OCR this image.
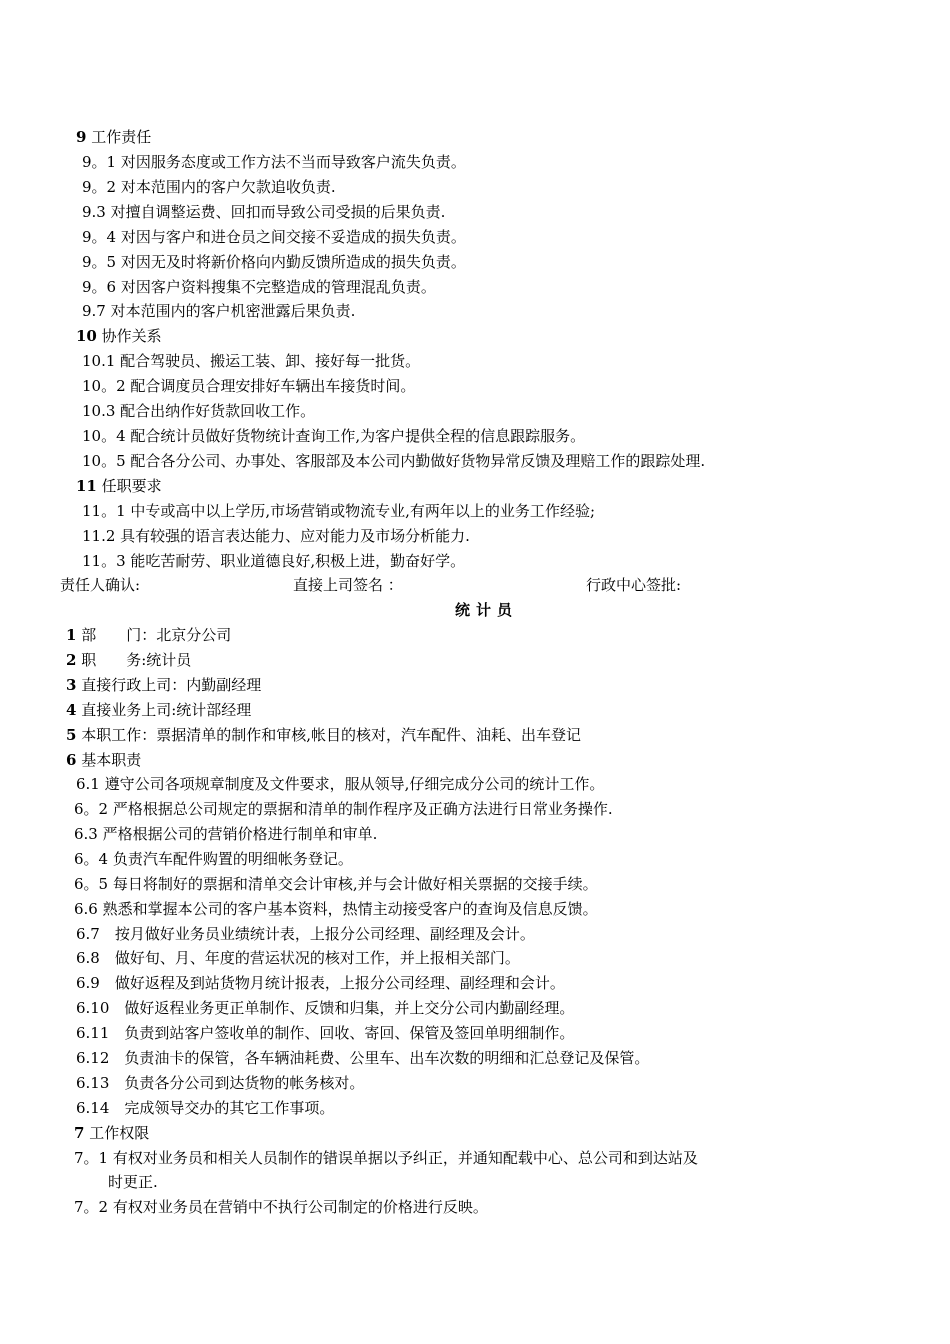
9 工作责任
9。1 对因服务态度或工作方法不当而导致客户流失负责。
9。2 对本范围内的客户欠款追收负责.
9.3 对擅自调整运费、回扣而导致公司受损的后果负责.
9。4 对因与客户和进仓员之间交接不妥造成的损失负责。
9。5 对因无及时将新价格向内勤反馈所造成的损失负责。
9。6 对因客户资料搜集不完整造成的管理混乱负责。
9.7 对本范围内的客户机密泄露后果负责.
10 协作关系
10.1 配合驾驶员、搬运工装、卸、接好每一批货。
10。2 配合调度员合理安排好车辆出车接货时间。
10.3 配合出纳作好货款回收工作。
10。4 配合统计员做好货物统计查询工作,为客户提供全程的信息跟踪服务。
10。5 配合各分公司、办事处、客服部及本公司内勤做好货物异常反馈及理赔工作的跟踪处理.
11 任职要求
11。1 中专或高中以上学历,市场营销或物流专业,有两年以上的业务工作经验;
11.2 具有较强的语言表达能力、应对能力及市场分析能力.
11。3 能吃苦耐劳、职业道德良好,积极上进，勤奋好学。
责任人确认:	直接上司签名 ：	行政中心签批:
统计员
1 部　　门：北京分公司
2 职　　务:统计员
3 直接行政上司：内勤副经理
4 直接业务上司:统计部经理
5 本职工作：票据清单的制作和审核,帐目的核对，汽车配件、油耗、出车登记
6 基本职责
6.1 遵守公司各项规章制度及文件要求，服从领导,仔细完成分公司的统计工作。
6。2 严格根据总公司规定的票据和清单的制作程序及正确方法进行日常业务操作.
6.3 严格根据公司的营销价格进行制单和审单.
6。4 负责汽车配件购置的明细帐务登记。
6。5 每日将制好的票据和清单交会计审核,并与会计做好相关票据的交接手续。
6.6 熟悉和掌握本公司的客户基本资料，热情主动接受客户的查询及信息反馈。
6.7　按月做好业务员业绩统计表，上报分公司经理、副经理及会计。
6.8　做好旬、月、年度的营运状况的核对工作，并上报相关部门。
6.9　做好返程及到站货物月统计报表，上报分公司经理、副经理和会计。
6.10　做好返程业务更正单制作、反馈和归集，并上交分公司内勤副经理。
6.11　负责到站客户签收单的制作、回收、寄回、保管及签回单明细制作。
6.12　负责油卡的保管，各车辆油耗费、公里车、出车次数的明细和汇总登记及保管。
6.13　负责各分公司到达货物的帐务核对。
6.14　完成领导交办的其它工作事项。
7 工作权限
7。1 有权对业务员和相关人员制作的错误单据以予纠正，并通知配载中心、总公司和到达站及
时更正.
7。2 有权对业务员在营销中不执行公司制定的价格进行反映。
